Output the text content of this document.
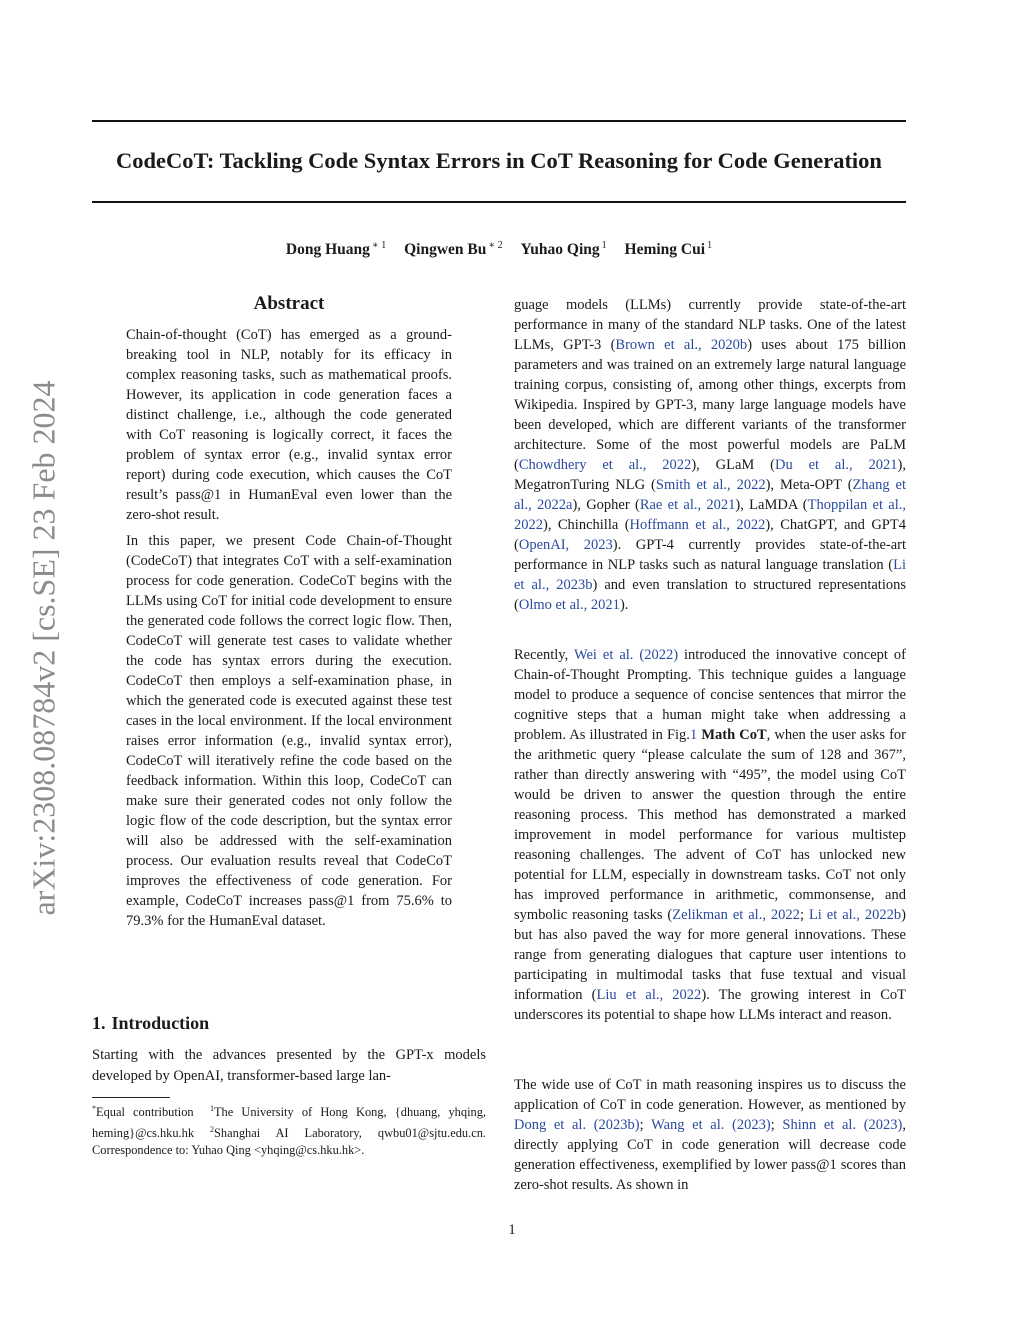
CodeCoT: Tackling Code Syntax Errors in CoT Reasoning for Code Generation
Dong Huang $^{∗ 1}$ Qingwen Bu $^{∗ 2}$ Yuhao Qing $^1$ Heming Cui $^1$
arXiv:2308.08784v2 [cs.SE] 23 Feb 2024
Abstract

Chain-of-thought (CoT) has emerged as a ground-breaking tool in NLP, notably for its efficacy in complex reasoning tasks, such as mathematical proofs. However, its application in code generation faces a distinct challenge, i.e., although the code generated with CoT reasoning is logically correct, it faces the problem of syntax error (e.g., invalid syntax error report) during code execution, which causes the CoT result’s pass@1 in HumanEval even lower than the zero-shot result.

In this paper, we present Code Chain-of-Thought (CodeCoT) that integrates CoT with a self-examination process for code generation. CodeCoT begins with the LLMs using CoT for initial code development to ensure the generated code follows the correct logic flow. Then, CodeCoT will generate test cases to validate whether the code has syntax errors during the execution. CodeCoT then employs a self-examination phase, in which the generated code is executed against these test cases in the local environment. If the local environment raises error information (e.g., invalid syntax error), CodeCoT will iteratively refine the code based on the feedback information. Within this loop, CodeCoT can make sure their generated codes not only follow the logic flow of the code description, but the syntax error will also be addressed with the self-examination process. Our evaluation results reveal that CodeCoT improves the effectiveness of code generation. For example, CodeCoT increases pass@1 from 75.6% to 79.3% for the HumanEval dataset.

1. Introduction

Starting with the advances presented by the GPT-x models developed by OpenAI, transformer-based large lan-

*Equal contribution $^1$The University of Hong Kong, {dhuang, yhqing, heming}@cs.hku.hk $^2$Shanghai AI Laboratory, qwbu01@sjtu.edu.cn. Correspondence to: Yuhao Qing <yhqing@cs.hku.hk>.

guage models (LLMs) currently provide state-of-the-art performance in many of the standard NLP tasks. One of the latest LLMs, GPT-3 (Brown et al., 2020b) uses about 175 billion parameters and was trained on an extremely large natural language training corpus, consisting of, among other things, excerpts from Wikipedia. Inspired by GPT-3, many large language models have been developed, which are different variants of the transformer architecture. Some of the most powerful models are PaLM (Chowdhery et al., 2022), GLaM (Du et al., 2021), MegatronTuring NLG (Smith et al., 2022), Meta-OPT (Zhang et al., 2022a), Gopher (Rae et al., 2021), LaMDA (Thoppilan et al., 2022), Chinchilla (Hoffmann et al., 2022), ChatGPT, and GPT4 (OpenAI, 2023). GPT-4 currently provides state-of-the-art performance in NLP tasks such as natural language translation (Li et al., 2023b) and even translation to structured representations (Olmo et al., 2021).

Recently, Wei et al. (2022) introduced the innovative concept of Chain-of-Thought Prompting. This technique guides a language model to produce a sequence of concise sentences that mirror the cognitive steps that a human might take when addressing a problem. As illustrated in Fig.1 Math CoT, when the user asks for the arithmetic query “please calculate the sum of 128 and 367”, rather than directly answering with “495”, the model using CoT would be driven to answer the question through the entire reasoning process. This method has demonstrated a marked improvement in model performance for various multistep reasoning challenges. The advent of CoT has unlocked new potential for LLM, especially in downstream tasks. CoT not only has improved performance in arithmetic, commonsense, and symbolic reasoning tasks (Zelikman et al., 2022; Li et al., 2022b) but has also paved the way for more general innovations. These range from generating dialogues that capture user intentions to participating in multimodal tasks that fuse textual and visual information (Liu et al., 2022). The growing interest in CoT underscores its potential to shape how LLMs interact and reason.

The wide use of CoT in math reasoning inspires us to discuss the application of CoT in code generation. However, as mentioned by Dong et al. (2023b); Wang et al. (2023); Shinn et al. (2023), directly applying CoT in code generation will decrease code generation effectiveness, exemplified by lower pass@1 scores than zero-shot results. As shown in

1
